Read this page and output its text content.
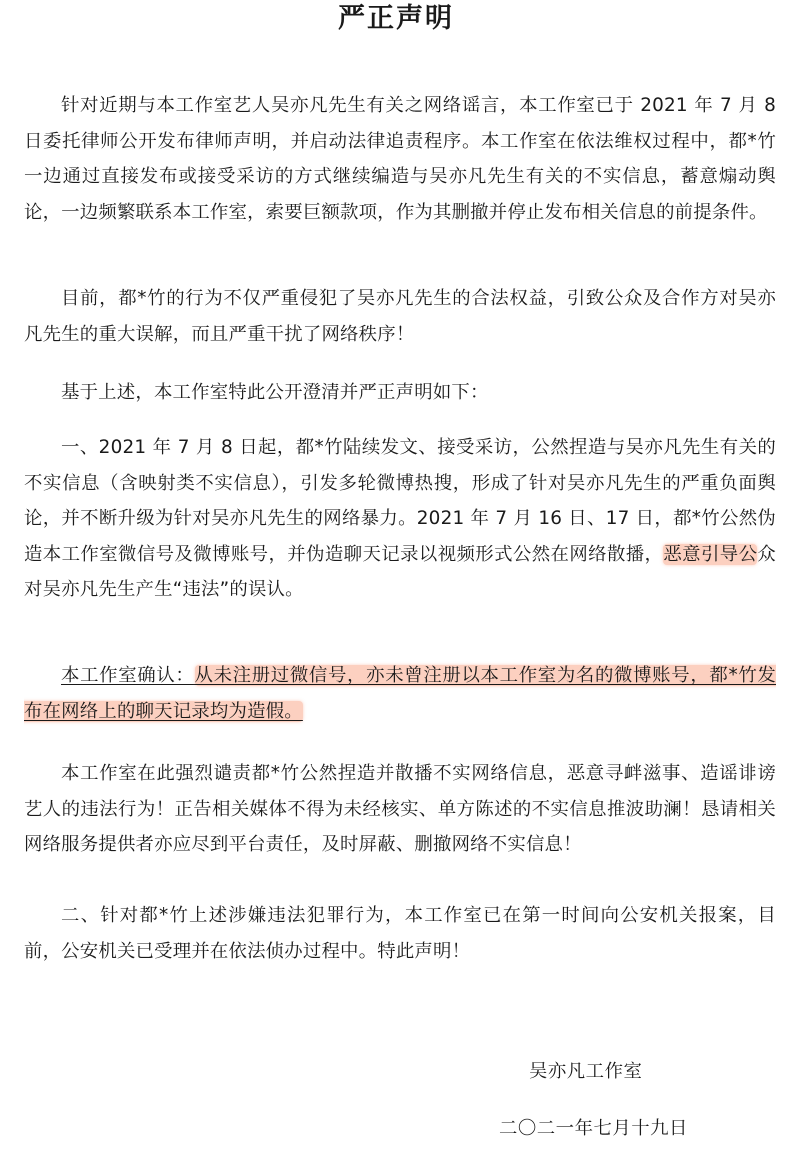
严正声明

针对近期与本工作室艺人吴亦凡先生有关之网络谣言，本工作室已于 2021 年 7 月 8 日委托律师公开发布律师声明，并启动法律追责程序。本工作室在依法维权过程中，都*竹一边通过直接发布或接受采访的方式继续编造与吴亦凡先生有关的不实信息，蓄意煽动舆论，一边频繁联系本工作室，索要巨额款项，作为其删撤并停止发布相关信息的前提条件。

目前，都*竹的行为不仅严重侵犯了吴亦凡先生的合法权益，引致公众及合作方对吴亦凡先生的重大误解，而且严重干扰了网络秩序！

基于上述，本工作室特此公开澄清并严正声明如下：

一、2021 年 7 月 8 日起，都*竹陆续发文、接受采访，公然捏造与吴亦凡先生有关的不实信息（含映射类不实信息），引发多轮微博热搜，形成了针对吴亦凡先生的严重负面舆论，并不断升级为针对吴亦凡先生的网络暴力。2021 年 7 月 16 日、17 日，都*竹公然伪造本工作室微信号及微博账号，并伪造聊天记录以视频形式公然在网络散播，恶意引导公众对吴亦凡先生产生“违法”的误认。

本工作室确认：从未注册过微信号，亦未曾注册以本工作室为名的微博账号，都*竹发布在网络上的聊天记录均为造假。

本工作室在此强烈谴责都*竹公然捏造并散播不实网络信息，恶意寻衅滋事、造谣诽谤艺人的违法行为！正告相关媒体不得为未经核实、单方陈述的不实信息推波助澜！恳请相关网络服务提供者亦应尽到平台责任，及时屏蔽、删撤网络不实信息！

二、针对都*竹上述涉嫌违法犯罪行为，本工作室已在第一时间向公安机关报案，目前，公安机关已受理并在依法侦办过程中。特此声明！

吴亦凡工作室
二〇二一年七月十九日
